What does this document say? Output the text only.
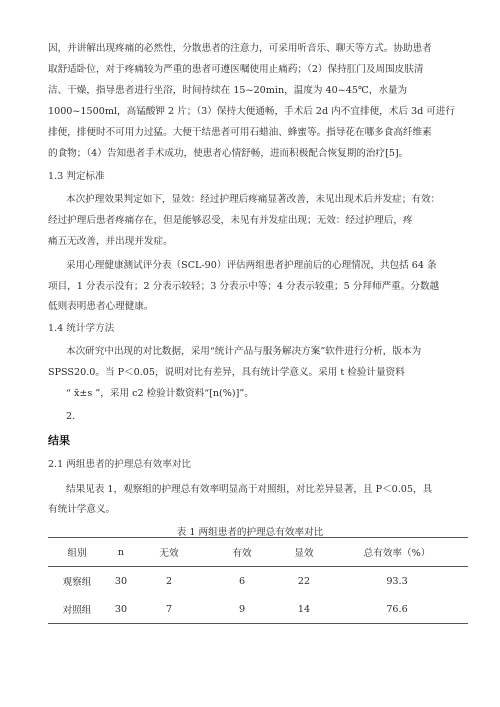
因，并讲解出现疼痛的必然性，分散患者的注意力，可采用听音乐、聊天等方式。协助患者
取舒适卧位，对于疼痛较为严重的患者可遵医嘱使用止痛药；（2）保持肛门及周围皮肤清
洁、干燥，指导患者进行坐浴，时间持续在 15~20min，温度为 40~45℃，水量为
1000~1500ml，高锰酸钾 2 片；（3）保持大便通畅，手术后 2d 内不宜排便，术后 3d 可进行
排便，排便时不可用力过猛。大便干结患者可用石蜡油、蜂蜜等。指导花在哪多食高纤维素
的食物；（4）告知患者手术成功，使患者心情舒畅，进而积极配合恢复期的治疗[5]。
1.3 判定标准
本次护理效果判定如下，显效：经过护理后疼痛显著改善，未见出现术后并发症；有效：
经过护理后患者疼痛存在，但是能够忍受，未见有并发症出现；无效：经过护理后，疼
痛五无改善，并出现并发症。
采用心理健康测试评分表（SCL-90）评估两组患者护理前后的心理情况，共包括 64 条
项目，1 分表示没有；2 分表示较轻；3 分表示中等；4 分表示较重；5 分拜师严重。分数越
低则表明患者心理健康。
1.4 统计学方法
本次研究中出现的对比数据，采用“统计产品与服务解决方案”软件进行分析，版本为
SPSS20.0。当 P＜0.05，说明对比有差异，具有统计学意义。采用 t 检验计量资料
“ x̄±s ”，采用 c2 检验计数资料“[n(%)]”。
2.
结果
2.1 两组患者的护理总有效率对比
结果见表 1，观察组的护理总有效率明显高于对照组，对比差异显著，且 P＜0.05，具
有统计学意义。
表 1 两组患者的护理总有效率对比
组别	n	无效	有效	显效	总有效率（%）
观察组	30	2	6	22	93.3
对照组	30	7	9	14	76.6
